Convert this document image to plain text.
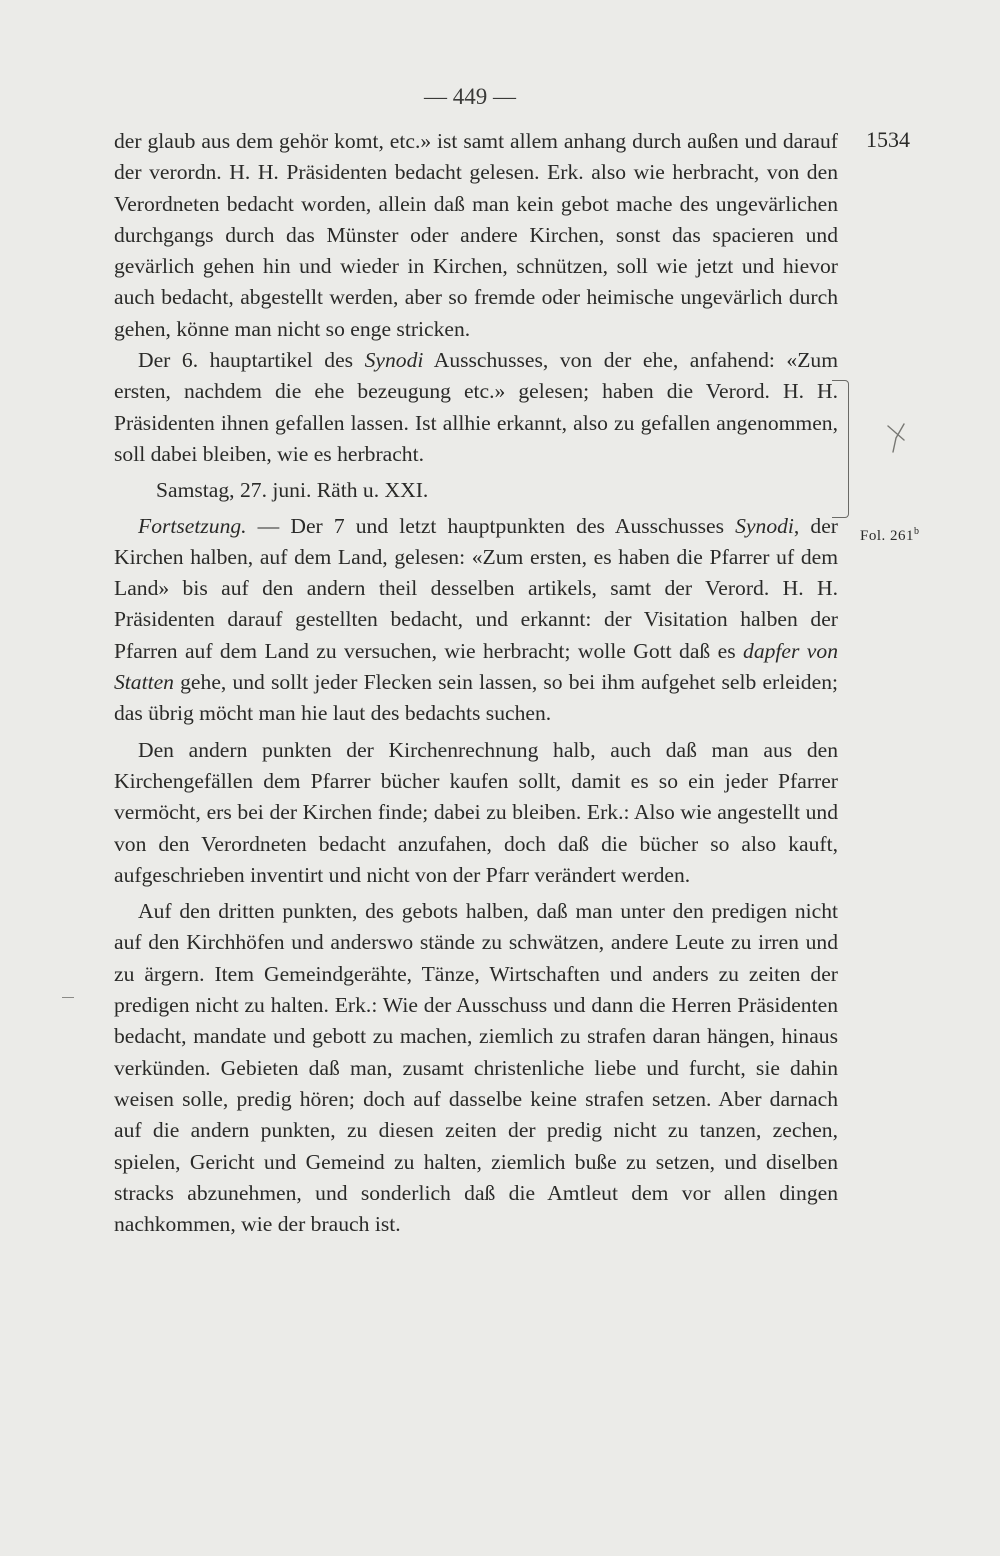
— 449 —
1534
Fol. 261$^b$

der glaub aus dem gehör komt, etc.» ist samt allem anhang durch außen und darauf der verordn. H. H. Präsidenten bedacht gelesen. Erk. also wie herbracht, von den Verordneten bedacht worden, allein daß man kein gebot mache des ungevärlichen durchgangs durch das Münster oder andere Kirchen, sonst das spacieren und gevärlich gehen hin und wieder in Kirchen, schnützen, soll wie jetzt und hievor auch bedacht, abgestellt werden, aber so fremde oder heimische ungevärlich durch gehen, könne man nicht so enge stricken.

Der 6. hauptartikel des Synodi Ausschusses, von der ehe, anfahend: «Zum ersten, nachdem die ehe bezeugung etc.» gelesen; haben die Verord. H. H. Präsidenten ihnen gefallen lassen. Ist allhie erkannt, also zu gefallen angenommen, soll dabei bleiben, wie es herbracht.

Samstag, 27. juni. Räth u. XXI.

Fortsetzung. — Der 7 und letzt hauptpunkten des Ausschusses Synodi, der Kirchen halben, auf dem Land, gelesen: «Zum ersten, es haben die Pfarrer uf dem Land» bis auf den andern theil desselben artikels, samt der Verord. H. H. Präsidenten darauf gestellten bedacht, und erkannt: der Visitation halben der Pfarren auf dem Land zu versuchen, wie herbracht; wolle Gott daß es dapfer von Statten gehe, und sollt jeder Flecken sein lassen, so bei ihm aufgehet selb erleiden; das übrig möcht man hie laut des bedachts suchen.

Den andern punkten der Kirchenrechnung halb, auch daß man aus den Kirchengefällen dem Pfarrer bücher kaufen sollt, damit es so ein jeder Pfarrer vermöcht, ers bei der Kirchen finde; dabei zu bleiben. Erk.: Also wie angestellt und von den Verordneten bedacht anzufahen, doch daß die bücher so also kauft, aufgeschrieben inventirt und nicht von der Pfarr verändert werden.

Auf den dritten punkten, des gebots halben, daß man unter den predigen nicht auf den Kirchhöfen und anderswo stände zu schwätzen, andere Leute zu irren und zu ärgern. Item Gemeindgerähte, Tänze, Wirtschaften und anders zu zeiten der predigen nicht zu halten. Erk.: Wie der Ausschuss und dann die Herren Präsidenten bedacht, mandate und gebott zu machen, ziemlich zu strafen daran hängen, hinaus verkünden. Gebieten daß man, zusamt christenliche liebe und furcht, sie dahin weisen solle, predig hören; doch auf dasselbe keine strafen setzen. Aber darnach auf die andern punkten, zu diesen zeiten der predig nicht zu tanzen, zechen, spielen, Gericht und Gemeind zu halten, ziemlich buße zu setzen, und diselben stracks abzunehmen, und sonderlich daß die Amtleut dem vor allen dingen nachkommen, wie der brauch ist.
